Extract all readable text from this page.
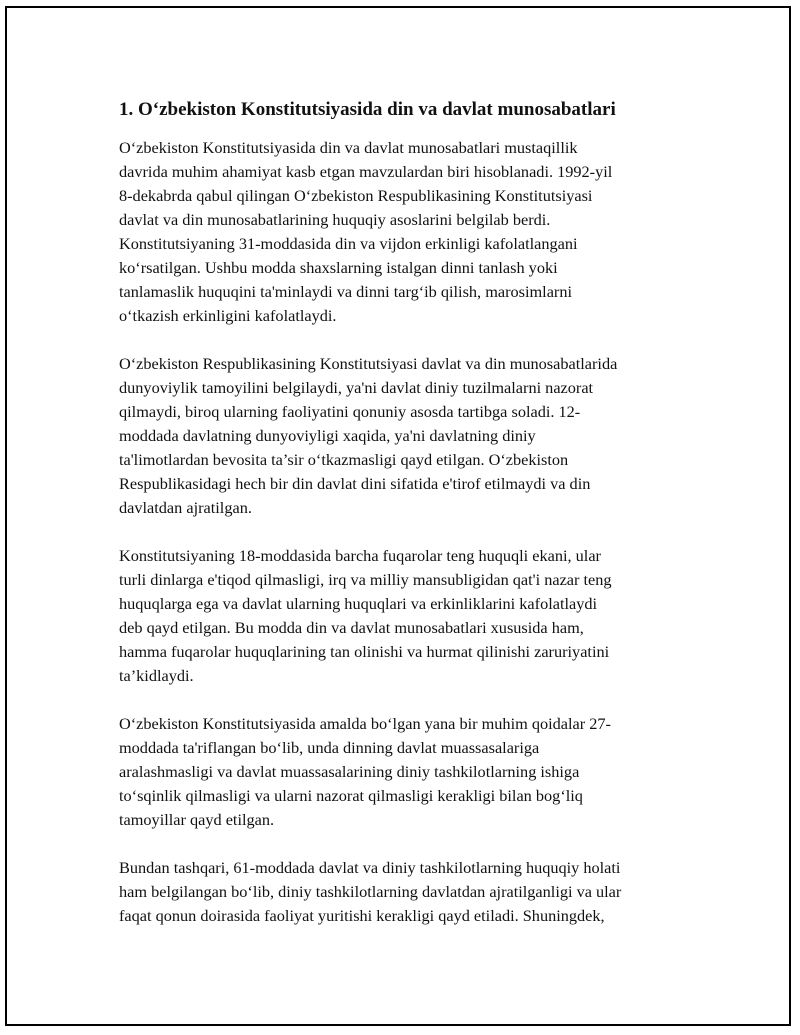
1. O‘zbekiston Konstitutsiyasida din va davlat munosabatlari

O‘zbekiston Konstitutsiyasida din va davlat munosabatlari mustaqillik
davrida muhim ahamiyat kasb etgan mavzulardan biri hisoblanadi. 1992-yil
8-dekabrda qabul qilingan O‘zbekiston Respublikasining Konstitutsiyasi
davlat va din munosabatlarining huquqiy asoslarini belgilab berdi.
Konstitutsiyaning 31-moddasida din va vijdon erkinligi kafolatlangani
ko‘rsatilgan. Ushbu modda shaxslarning istalgan dinni tanlash yoki
tanlamaslik huquqini ta'minlaydi va dinni targ‘ib qilish, marosimlarni
o‘tkazish erkinligini kafolatlaydi.

O‘zbekiston Respublikasining Konstitutsiyasi davlat va din munosabatlarida
dunyoviylik tamoyilini belgilaydi, ya'ni davlat diniy tuzilmalarni nazorat
qilmaydi, biroq ularning faoliyatini qonuniy asosda tartibga soladi. 12-
moddada davlatning dunyoviyligi xaqida, ya'ni davlatning diniy
ta'limotlardan bevosita ta’sir o‘tkazmasligi qayd etilgan. O‘zbekiston
Respublikasidagi hech bir din davlat dini sifatida e'tirof etilmaydi va din
davlatdan ajratilgan.

Konstitutsiyaning 18-moddasida barcha fuqarolar teng huquqli ekani, ular
turli dinlarga e'tiqod qilmasligi, irq va milliy mansubligidan qat'i nazar teng
huquqlarga ega va davlat ularning huquqlari va erkinliklarini kafolatlaydi
deb qayd etilgan. Bu modda din va davlat munosabatlari xususida ham,
hamma fuqarolar huquqlarining tan olinishi va hurmat qilinishi zaruriyatini
ta’kidlaydi.

O‘zbekiston Konstitutsiyasida amalda bo‘lgan yana bir muhim qoidalar 27-
moddada ta'riflangan bo‘lib, unda dinning davlat muassasalariga
aralashmasligi va davlat muassasalarining diniy tashkilotlarning ishiga
to‘sqinlik qilmasligi va ularni nazorat qilmasligi kerakligi bilan bog‘liq
tamoyillar qayd etilgan.

Bundan tashqari, 61-moddada davlat va diniy tashkilotlarning huquqiy holati
ham belgilangan bo‘lib, diniy tashkilotlarning davlatdan ajratilganligi va ular
faqat qonun doirasida faoliyat yuritishi kerakligi qayd etiladi. Shuningdek,
